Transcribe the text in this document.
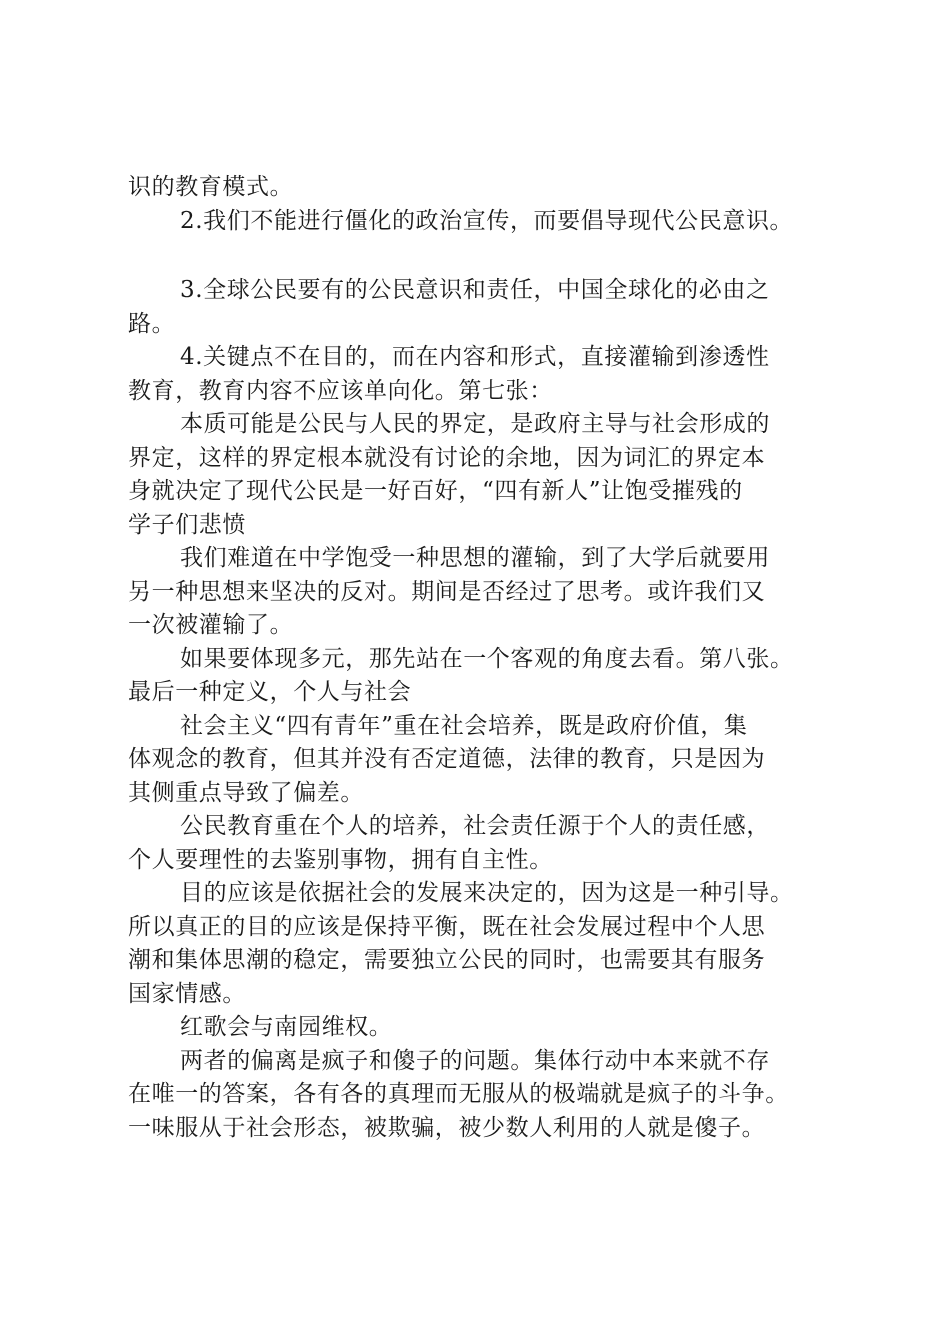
识的教育模式。
2.我们不能进行僵化的政治宣传，而要倡导现代公民意识。
3.全球公民要有的公民意识和责任，中国全球化的必由之
路。
4.关键点不在目的，而在内容和形式，直接灌输到渗透性
教育，教育内容不应该单向化。第七张：
本质可能是公民与人民的界定，是政府主导与社会形成的
界定，这样的界定根本就没有讨论的余地，因为词汇的界定本
身就决定了现代公民是一好百好，“四有新人”让饱受摧残的
学子们悲愤
我们难道在中学饱受一种思想的灌输，到了大学后就要用
另一种思想来坚决的反对。期间是否经过了思考。或许我们又
一次被灌输了。
如果要体现多元，那先站在一个客观的角度去看。第八张。
最后一种定义，个人与社会
社会主义“四有青年”重在社会培养，既是政府价值，集
体观念的教育，但其并没有否定道德，法律的教育，只是因为
其侧重点导致了偏差。
公民教育重在个人的培养，社会责任源于个人的责任感，
个人要理性的去鉴别事物，拥有自主性。
目的应该是依据社会的发展来决定的，因为这是一种引导。
所以真正的目的应该是保持平衡，既在社会发展过程中个人思
潮和集体思潮的稳定，需要独立公民的同时，也需要其有服务
国家情感。
红歌会与南园维权。
两者的偏离是疯子和傻子的问题。集体行动中本来就不存
在唯一的答案，各有各的真理而无服从的极端就是疯子的斗争。
一味服从于社会形态，被欺骗，被少数人利用的人就是傻子。
